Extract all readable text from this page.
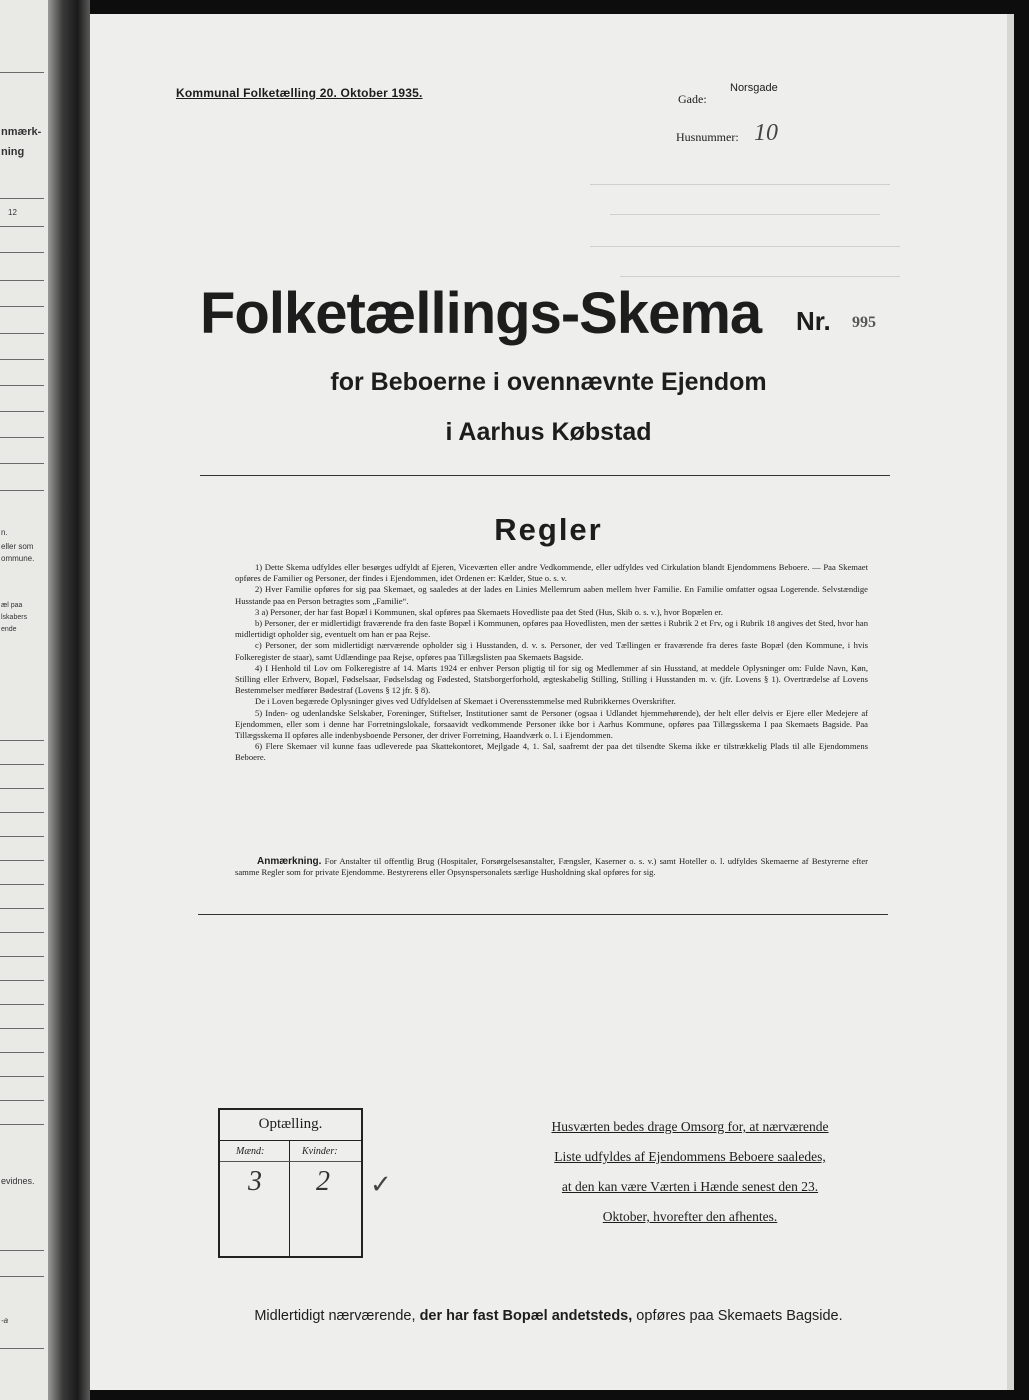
nmærk-
ning
12
n.
eller som
ommune.
æl paa
lskabers
ende
evidnes.
-a
Kommunal Folketælling 20. Oktober 1935.	Gade:
Norsgade
Husnummer: 10
Folketællings-Skema Nr. 995
for Beboerne i ovennævnte Ejendom
i Aarhus Købstad
Regler

1) Dette Skema udfyldes eller besørges udfyldt af Ejeren, Viceværten eller andre Vedkommende, eller udfyldes ved Cirkulation blandt Ejendommens Beboere. — Paa Skemaet opføres de Familier og Personer, der findes i Ejendommen, idet Ordenen er: Kælder, Stue o. s. v.

2) Hver Familie opføres for sig paa Skemaet, og saaledes at der lades en Linies Mellemrum aaben mellem hver Familie. En Familie omfatter ogsaa Logerende. Selvstændige Husstande paa en Person betragtes som „Familie“.

3 a) Personer, der har fast Bopæl i Kommunen, skal opføres paa Skemaets Hovedliste paa det Sted (Hus, Skib o. s. v.), hvor Bopælen er.

b) Personer, der er midlertidigt fraværende fra den faste Bopæl i Kommunen, opføres paa Hovedlisten, men der sættes i Rubrik 2 et Frv, og i Rubrik 18 angives det Sted, hvor han midlertidigt opholder sig, eventuelt om han er paa Rejse.

c) Personer, der som midlertidigt nærværende opholder sig i Husstanden, d. v. s. Personer, der ved Tællingen er fraværende fra deres faste Bopæl (den Kommune, i hvis Folkeregister de staar), samt Udlændinge paa Rejse, opføres paa Tillægslisten paa Skemaets Bagside.

4) I Henhold til Lov om Folkeregistre af 14. Marts 1924 er enhver Person pligtig til for sig og Medlemmer af sin Husstand, at meddele Oplysninger om: Fulde Navn, Køn, Stilling eller Erhverv, Bopæl, Fødselsaar, Fødselsdag og Fødested, Statsborgerforhold, ægteskabelig Stilling, Stilling i Husstanden m. v. (jfr. Lovens § 1). Overtrædelse af Lovens Bestemmelser medfører Bødestraf (Lovens § 12 jfr. § 8).

De i Loven begærede Oplysninger gives ved Udfyldelsen af Skemaet i Overensstemmelse med Rubrikkernes Overskrifter.

5) Inden- og udenlandske Selskaber, Foreninger, Stiftelser, Institutioner samt de Personer (ogsaa i Udlandet hjemmehørende), der helt eller delvis er Ejere eller Medejere af Ejendommen, eller som i denne har Forretningslokale, forsaavidt vedkommende Personer ikke bor i Aarhus Kommune, opføres paa Tillægsskema I paa Skemaets Bagside. Paa Tillægsskema II opføres alle indenbysboende Personer, der driver Forretning, Haandværk o. l. i Ejendommen.

6) Flere Skemaer vil kunne faas udleverede paa Skattekontoret, Mejlgade 4, 1. Sal, saafremt der paa det tilsendte Skema ikke er tilstrækkelig Plads til alle Ejendommens Beboere.

Anmærkning. For Anstalter til offentlig Brug (Hospitaler, Forsørgelsesanstalter, Fængsler, Kaserner o. s. v.) samt Hoteller o. l. udfyldes Skemaerne af Bestyrerne efter samme Regler som for private Ejendomme. Bestyrerens eller Opsynspersonalets særlige Husholdning skal opføres for sig.
Optælling.
Mænd:	Kvinder:
3 2 ✓
Husværten bedes drage Omsorg for, at nærværende
Liste udfyldes af Ejendommens Beboere saaledes,
at den kan være Værten i Hænde senest den 23.
Oktober, hvorefter den afhentes.
Midlertidigt nærværende, der har fast Bopæl andetsteds, opføres paa Skemaets Bagside.
